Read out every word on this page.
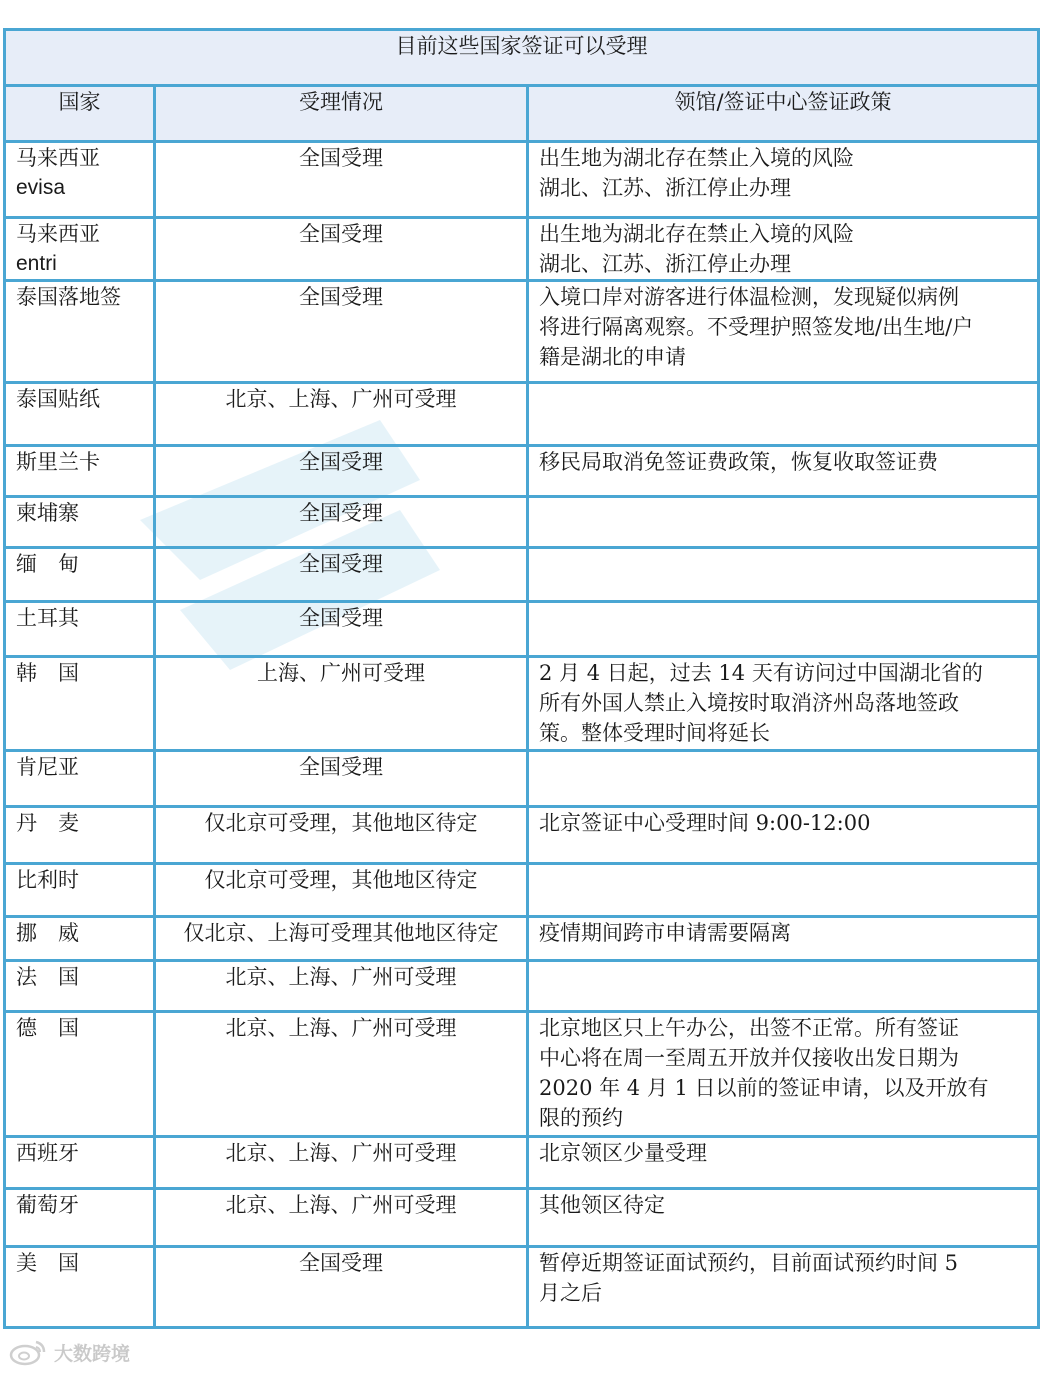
目前这些国家签证可以受理		
国家	受理情况	领馆/签证中心签证政策
马来西亚
evisa	全国受理	出生地为湖北存在禁止入境的风险
湖北、江苏、浙江停止办理
马来西亚
entri	全国受理	出生地为湖北存在禁止入境的风险
湖北、江苏、浙江停止办理
泰国落地签	全国受理	入境口岸对游客进行体温检测，发现疑似病例
将进行隔离观察。不受理护照签发地/出生地/户
籍是湖北的申请
泰国贴纸	北京、上海、广州可受理	
斯里兰卡	全国受理	移民局取消免签证费政策，恢复收取签证费
柬埔寨	全国受理	
缅　甸	全国受理	
土耳其	全国受理	
韩　国	上海、广州可受理	2 月 4 日起，过去 14 天有访问过中国湖北省的
所有外国人禁止入境按时取消济州岛落地签政
策。整体受理时间将延长
肯尼亚	全国受理	
丹　麦	仅北京可受理，其他地区待定	北京签证中心受理时间 9:00-12:00
比利时	仅北京可受理，其他地区待定	
挪　威	仅北京、上海可受理其他地区待定	疫情期间跨市申请需要隔离
法　国	北京、上海、广州可受理	
德　国	北京、上海、广州可受理	北京地区只上午办公，出签不正常。所有签证
中心将在周一至周五开放并仅接收出发日期为
2020 年 4 月 1 日以前的签证申请，以及开放有
限的预约
西班牙	北京、上海、广州可受理	北京领区少量受理
葡萄牙	北京、上海、广州可受理	其他领区待定
美　国	全国受理	暂停近期签证面试预约，目前面试预约时间 5
月之后
大数跨境
